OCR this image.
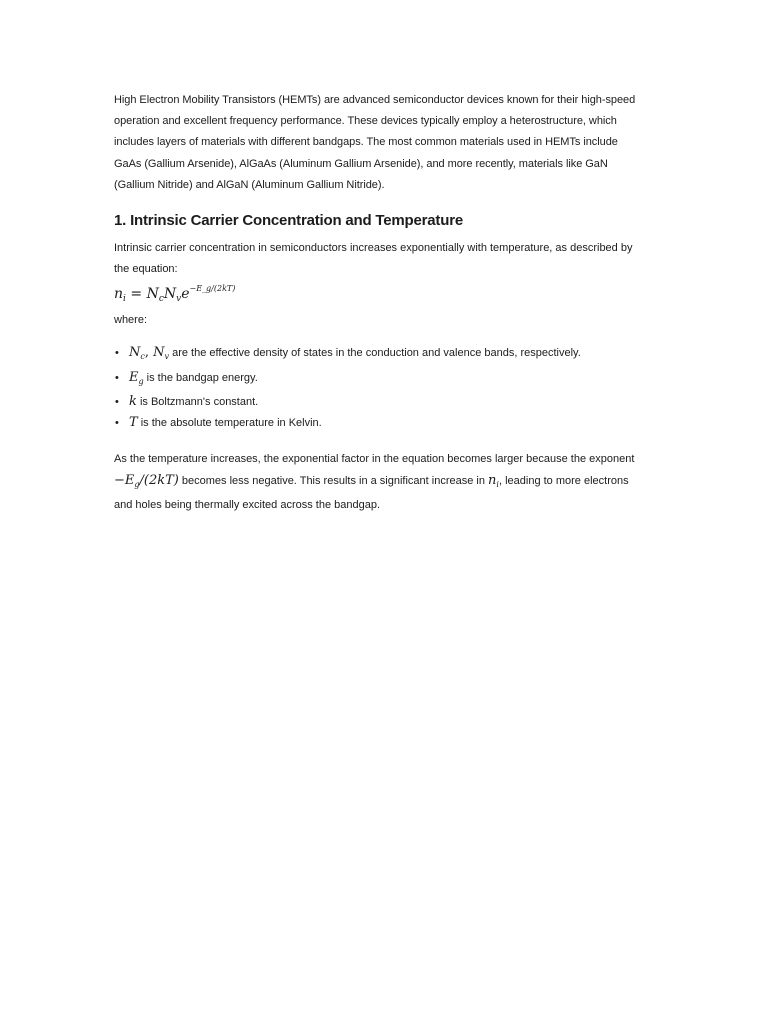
High Electron Mobility Transistors (HEMTs) are advanced semiconductor devices known for their high-speed operation and excellent frequency performance. These devices typically employ a heterostructure, which includes layers of materials with different bandgaps. The most common materials used in HEMTs include GaAs (Gallium Arsenide), AlGaAs (Aluminum Gallium Arsenide), and more recently, materials like GaN (Gallium Nitride) and AlGaN (Aluminum Gallium Nitride).

1. Intrinsic Carrier Concentration and Temperature

Intrinsic carrier concentration in semiconductors increases exponentially with temperature, as described by the equation:

$n_i = N_cN_ve^{-E\_g/(2kT)}$

where:

• $N_c$, $N_v$ are the effective density of states in the conduction and valence bands, respectively.
• $E_g$ is the bandgap energy.
• k is Boltzmann's constant.
• T is the absolute temperature in Kelvin.

As the temperature increases, the exponential factor in the equation becomes larger because the exponent $-E_g/(2kT)$ becomes less negative. This results in a significant increase in $n_i$, leading to more electrons and holes being thermally excited across the bandgap.
